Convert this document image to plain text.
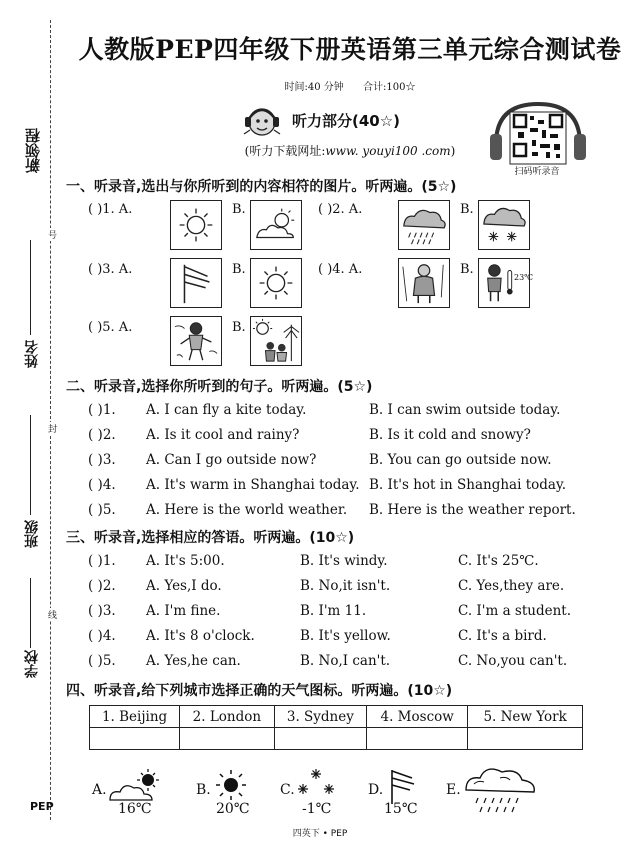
新领程
学校
班级
姓名
号
封
线
PEP
人教版PEP四年级下册英语第三单元综合测试卷
时间:40 分钟 合计:100☆
听力部分(40☆)
(听力下载网址:www. youyi100 .com)
扫码听录音
一、听录音,选出与你所听到的内容相符的图片。听两遍。(5☆)
( )1. A.	B.	( )2. A.	B.
( )3. A.	B.	( )4. A.	B.
23℃
( )5. A.	B.
二、听录音,选择你所听到的句子。听两遍。(5☆)
( )1. A. I can fly a kite today.	B. I can swim outside today.
( )2. A. Is it cool and rainy?	B. Is it cold and snowy?
( )3. A. Can I go outside now?	B. You can go outside now.
( )4. A. It's warm in Shanghai today. B. It's hot in Shanghai today.
( )5. A. Here is the world weather. B. Here is the weather report.
三、听录音,选择相应的答语。听两遍。(10☆)
( )1. A. It's 5:00.	B. It's windy.	C. It's 25℃.
( )2. A. Yes,I do.	B. No,it isn't.	C. Yes,they are.
( )3. A. I'm fine.	B. I'm 11.	C. I'm a student.
( )4. A. It's 8 o'clock.	B. It's yellow.	C. It's a bird.
( )5. A. Yes,he can.	B. No,I can't.	C. No,you can't.
四、听录音,给下列城市选择正确的天气图标。听两遍。(10☆)
1. Beijing	2. London	3. Sydney	4. Moscow	5. New York

A.
16℃
B.
20℃
C.
-1℃
D.
15℃
E.
四英下 • PEP
